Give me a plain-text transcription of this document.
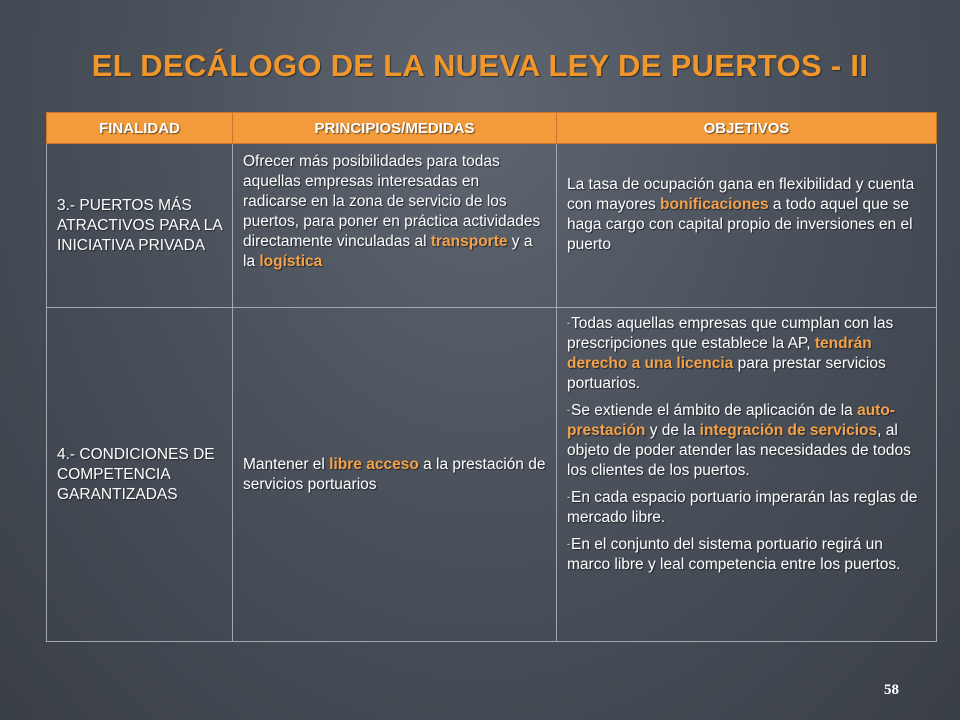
EL DECÁLOGO DE LA NUEVA LEY DE PUERTOS - II
FINALIDAD	PRINCIPIOS/MEDIDAS	OBJETIVOS
3.- PUERTOS MÁS ATRACTIVOS PARA LA INICIATIVA PRIVADA	Ofrecer más posibilidades para todas aquellas empresas interesadas en radicarse en la zona de servicio de los puertos, para poner en práctica actividades directamente vinculadas al transporte y a la logística	La tasa de ocupación gana en flexibilidad y cuenta con mayores bonificaciones a todo aquel que se haga cargo con capital propio de inversiones en el puerto
4.- CONDICIONES DE COMPETENCIA GARANTIZADAS	Mantener el libre acceso a la prestación de servicios portuarios	-Todas aquellas empresas que cumplan con las prescripciones que establece la AP, tendrán derecho a una licencia para prestar servicios portuarios.

-Se extiende el ámbito de aplicación de la auto-prestación y de la integración de servicios, al objeto de poder atender las necesidades de todos los clientes de los puertos.

-En cada espacio portuario imperarán las reglas de mercado libre.

-En el conjunto del sistema portuario regirá un marco libre y leal competencia entre los puertos.

58
